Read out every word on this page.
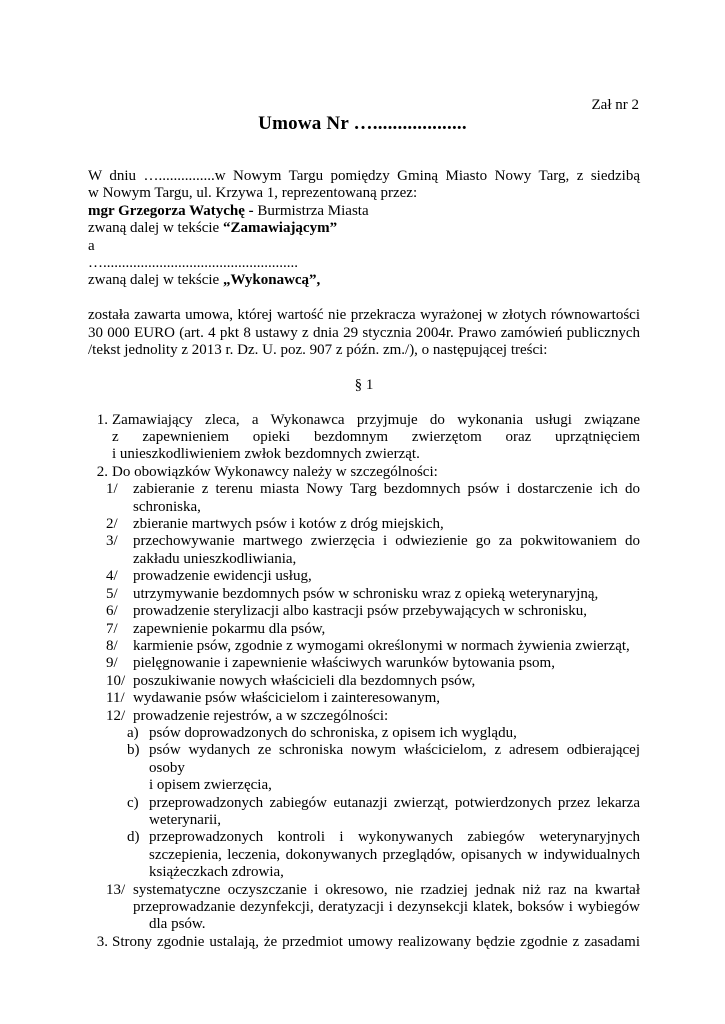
Zał nr 2
Umowa Nr …...................
W dniu …...............w Nowym Targu pomiędzy Gminą Miasto Nowy Targ, z siedzibą
w Nowym Targu, ul. Krzywa 1, reprezentowaną przez:
mgr Grzegorza Watychę - Burmistrza Miasta
zwaną dalej w tekście “Zamawiającym”
a
…....................................................
zwaną dalej w tekście „Wykonawcą”,
została zawarta umowa, której wartość nie przekracza wyrażonej w złotych równowartości
30 000 EURO (art. 4 pkt 8 ustawy z dnia 29 stycznia 2004r. Prawo zamówień publicznych
/tekst jednolity z 2013 r. Dz. U. poz. 907 z późn. zm./), o następującej treści:
§ 1
1. Zamawiający zleca, a Wykonawca przyjmuje do wykonania usługi związane
z zapewnieniem opieki bezdomnym zwierzętom oraz uprzątnięciem
i unieszkodliwieniem zwłok bezdomnych zwierząt.
2. Do obowiązków Wykonawcy należy w szczególności:
1/ zabieranie z terenu miasta Nowy Targ bezdomnych psów i dostarczenie ich do
schroniska,
2/ zbieranie martwych psów i kotów z dróg miejskich,
3/ przechowywanie martwego zwierzęcia i odwiezienie go za pokwitowaniem do
zakładu unieszkodliwiania,
4/ prowadzenie ewidencji usług,
5/ utrzymywanie bezdomnych psów w schronisku wraz z opieką weterynaryjną,
6/ prowadzenie sterylizacji albo kastracji psów przebywających w schronisku,
7/ zapewnienie pokarmu dla psów,
8/ karmienie psów, zgodnie z wymogami określonymi w normach żywienia zwierząt,
9/ pielęgnowanie i zapewnienie właściwych warunków bytowania psom,
10/ poszukiwanie nowych właścicieli dla bezdomnych psów,
11/ wydawanie psów właścicielom i zainteresowanym,
12/ prowadzenie rejestrów, a w szczególności:
a) psów doprowadzonych do schroniska, z opisem ich wyglądu,
b) psów wydanych ze schroniska nowym właścicielom, z adresem odbierającej osoby
i opisem zwierzęcia,
c) przeprowadzonych zabiegów eutanazji zwierząt, potwierdzonych przez lekarza
weterynarii,
d) przeprowadzonych kontroli i wykonywanych zabiegów weterynaryjnych
szczepienia, leczenia, dokonywanych przeglądów, opisanych w indywidualnych
książeczkach zdrowia,
13/ systematyczne oczyszczanie i okresowo, nie rzadziej jednak niż raz na kwartał
przeprowadzanie dezynfekcji, deratyzacji i dezynsekcji klatek, boksów i wybiegów
dla psów.
3. Strony zgodnie ustalają, że przedmiot umowy realizowany będzie zgodnie z zasadami
